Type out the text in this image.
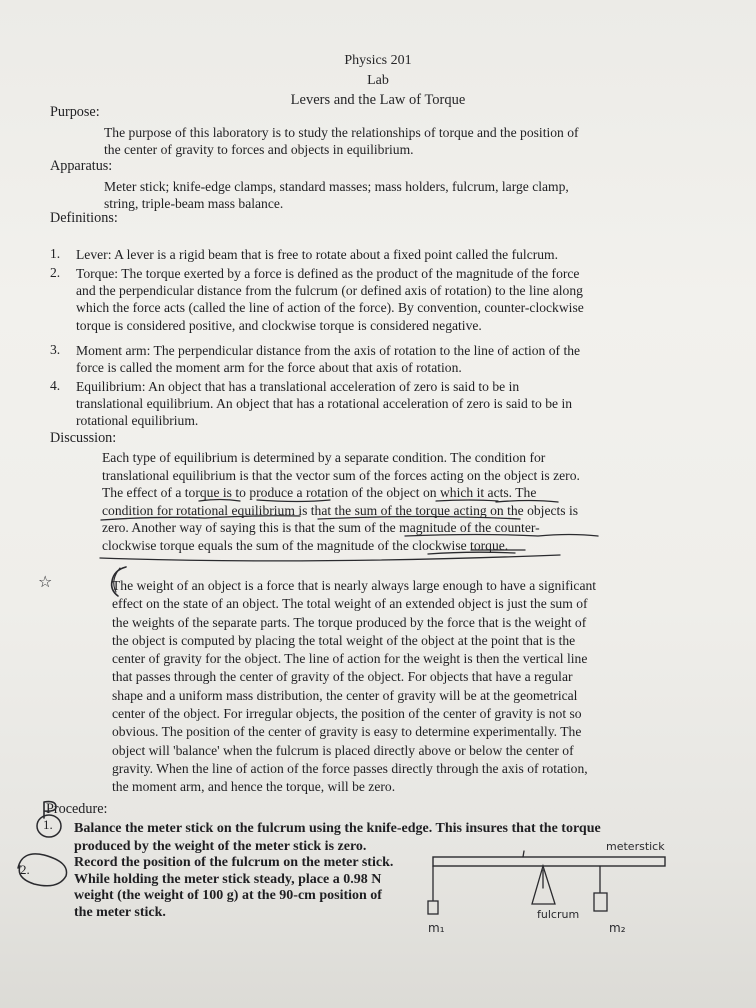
Physics 201
Lab
Levers and the Law of Torque
Purpose:
The purpose of this laboratory is to study the relationships of torque and the position of
the center of gravity to forces and objects in equilibrium.
Apparatus:
Meter stick; knife-edge clamps, standard masses; mass holders, fulcrum, large clamp,
string, triple-beam mass balance.
Definitions:
1. Lever: A lever is a rigid beam that is free to rotate about a fixed point called the fulcrum.
2. Torque: The torque exerted by a force is defined as the product of the magnitude of the force
and the perpendicular distance from the fulcrum (or defined axis of rotation) to the line along
which the force acts (called the line of action of the force). By convention, counter-clockwise
torque is considered positive, and clockwise torque is considered negative.
3. Moment arm: The perpendicular distance from the axis of rotation to the line of action of the
force is called the moment arm for the force about that axis of rotation.
4. Equilibrium: An object that has a translational acceleration of zero is said to be in
translational equilibrium. An object that has a rotational acceleration of zero is said to be in
rotational equilibrium.
Discussion:
Each type of equilibrium is determined by a separate condition. The condition for
translational equilibrium is that the vector sum of the forces acting on the object is zero.
The effect of a torque is to produce a rotation of the object on which it acts. The
condition for rotational equilibrium is that the sum of the torque acting on the objects is
zero. Another way of saying this is that the sum of the magnitude of the counter-
clockwise torque equals the sum of the magnitude of the clockwise torque.
The weight of an object is a force that is nearly always large enough to have a significant
effect on the state of an object. The total weight of an extended object is just the sum of
the weights of the separate parts. The torque produced by the force that is the weight of
the object is computed by placing the total weight of the object at the point that is the
center of gravity for the object. The line of action for the weight is then the vertical line
that passes through the center of gravity of the object. For objects that have a regular
shape and a uniform mass distribution, the center of gravity will be at the geometrical
center of the object. For irregular objects, the position of the center of gravity is not so
obvious. The position of the center of gravity is easy to determine experimentally. The
object will 'balance' when the fulcrum is placed directly above or below the center of
gravity. When the line of action of the force passes directly through the axis of rotation,
the moment arm, and hence the torque, will be zero.
Procedure:
1. Balance the meter stick on the fulcrum using the knife-edge. This insures that the torque
produced by the weight of the meter stick is zero.
2.	Record the position of the fulcrum on the meter stick.
While holding the meter stick steady, place a 0.98 N
weight (the weight of 100 g) at the 90-cm position of
the meter stick.
☆
meterstick
fulcrum
m₁	m₂
